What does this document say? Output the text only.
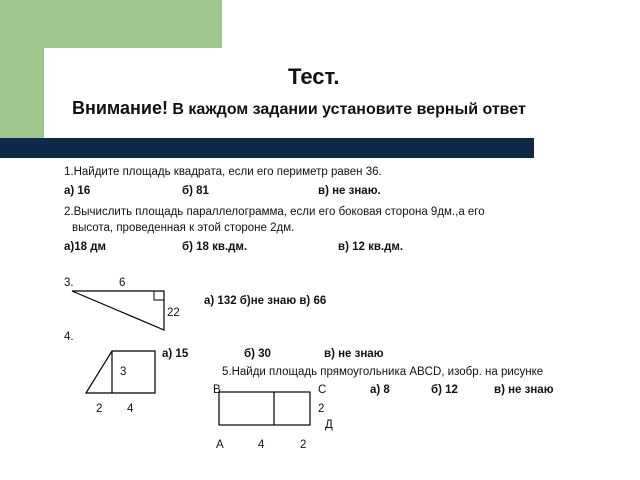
Тест.
Внимание! В каждом задании установите верный ответ
1.Найдите площадь квадрата, если его периметр равен 36.
а) 16	б) 81	в) не знаю.
2.Вычислить площадь параллелограмма, если его боковая сторона 9дм.,а его
высота, проведенная к этой стороне 2дм.
а)18 дм	б) 18 кв.дм.	в) 12 кв.дм.
3.	6
22
а) 132 б)не знаю в) 66
4.
3
2 4
а) 15	б) 30	в) не знаю
5.Найди площадь прямоугольника ABCD, изобр. на рисунке
В	С
2
Д
А	4	2
а) 8	б) 12	в) не знаю
